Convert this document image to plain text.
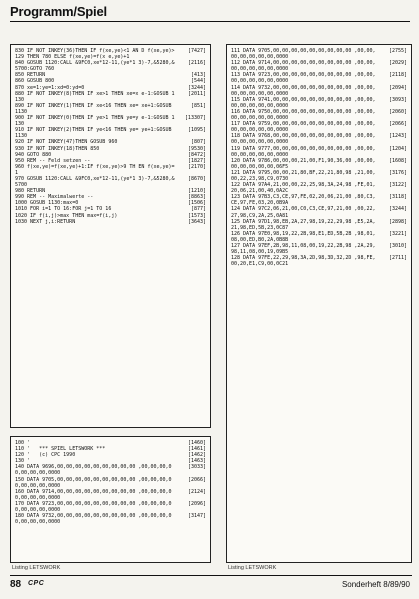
Programm/Spiel
830 IF NOT INKEY(36)THEN IF f(xe,ye)<1 AN D f(xe,ye)>129 THEN 780 ELSE f(xe,ye)=f(x e,ye)+1
[7427]
840 GOSUB 1120:CALL &9FC0,xe*12-11,(ye*1 3)-7,&5280,&5700:GOTO 760
[2116]
850 RETURN	[413]
860 GOSUB 800	[544]
870 xe=1:ye=1:xd=0:yd=0	[3244]
880 IF NOT INKEY(8)THEN IF xe>1 THEN xe=x e-1:GOSUB 1130
[2011]
890 IF NOT INKEY(1)THEN IF xe<16 THEN xe= xe+1:GOSUB 1130
[851]
900 IF NOT INKEY(0)THEN IF ye>1 THEN ye=y e-1:GOSUB 1130
[13307]
910 IF NOT INKEY(2)THEN IF ye<16 THEN ye= ye+1:GOSUB 1130
[1095]
920 IF NOT INKEY(47)THEN GOSUB 960	[807]
930 IF NOT INKEY(18)THEN 850	[9530]
940 GOTO 880	[8472]
950 REM -- Feld setzen --	[1827]
960 f(xe,ye)=f(xe,ye)+1:IF f(xe,ye)>9 TH EN f(xe,ye)=1
[2170]
970 GOSUB 1120:CALL &9FC0,xe*12-11,(ye*1 3)-7,&5280,&5700
[8670]
980 RETURN	[1210]
990 REM -- Maximalwerte --	[8863]
1000 GOSUB 1130:max=0	[1506]
1010 FOR i=1 TO 16:FOR j=1 TO 16	[877]
1020 IF f(i,j)>max THEN max=f(i,j)	[1573]
1030 NEXT j,i:RETURN	[3643]
100 '	[1460]
110 '   *** SPIEL LETSWORK ***	[1461]
120 '   (c) CPC 1990	[1462]
130 '	[1463]
140 DATA 9696,00,00,00,00,00,00,00,00,00 ,00,00,00,00,00,00,00,0000
[3033]
150 DATA 9705,00,00,00,00,00,00,00,00,00 ,00,00,00,00,00,00,00,0000
[2066]
160 DATA 9714,00,00,00,00,00,00,00,00,00 ,00,00,00,00,00,00,00,0000
[2124]
170 DATA 9723,00,00,00,00,00,00,00,00,00 ,00,00,00,00,00,00,00,0000
[2096]
180 DATA 9732,00,00,00,00,00,00,00,00,00 ,00,00,00,00,00,00,00,0000
[3147]
111 DATA 9705,00,00,00,00,00,00,00,00,00 ,00,00,00,00,00,00,00,0000
[2755]
112 DATA 9714,00,00,00,00,00,00,00,00,00 ,00,00,00,00,00,00,00,0000
[2029]
113 DATA 9723,00,00,00,00,00,00,00,00,00 ,00,00,00,00,00,00,00,0000
[2118]
114 DATA 9732,00,00,00,00,00,00,00,00,00 ,00,00,00,00,00,00,00,0000
[2094]
115 DATA 9741,00,00,00,00,00,00,00,00,00 ,00,00,00,00,00,00,00,0000
[3093]
116 DATA 9750,00,00,00,00,00,00,00,00,00 ,00,00,00,00,00,00,00,0000
[2060]
117 DATA 9759,00,00,00,00,00,00,00,00,00 ,00,00,00,00,00,00,00,0000
[2066]
118 DATA 9768,00,00,00,00,00,00,00,00,00 ,00,00,00,00,00,00,00,0000
[1243]
119 DATA 9777,00,00,00,00,00,00,00,00,00 ,00,00,00,00,00,00,00,0000
[1204]
120 DATA 9786,00,00,00,21,00,F1,90,36,00 ,00,00,00,00,00,00,00,06F5
[1608]
121 DATA 9795,00,00,21,80,BF,22,21,80,98 ,21,00,00,22,23,98,C9,0730
[3176]
122 DATA 97A4,21,00,00,22,25,98,3A,24,98 ,FE,01,20,06,21,00,40,0A2C
[3122]
123 DATA 97B3,C3,CE,97,FE,02,20,06,21,00 ,80,C3,CE,97,FE,03,20,0B9A
[3118]
124 DATA 97C2,06,21,00,C0,C3,CE,97,21,00 ,00,22,27,98,C9,2A,25,0A81
[3244]
125 DATA 97D1,98,EB,2A,27,98,19,22,29,98 ,E5,2A,21,98,ED,5B,23,0C87
[2898]
126 DATA 97E0,98,19,22,2B,98,E1,ED,5B,2B ,98,01,08,00,ED,B0,2A,0B8B
[3221]
127 DATA 97EF,2B,98,11,08,00,19,22,2B,98 ,2A,29,98,11,08,00,19,09B5
[3010]
128 DATA 97FE,22,29,98,3A,2D,98,3D,32,2D ,98,FE,00,20,E1,C9,00,0C21
[2711]
Listing LETSWORK	Listing LETSWORK
88 CPC	Sonderheft 8/89/90
